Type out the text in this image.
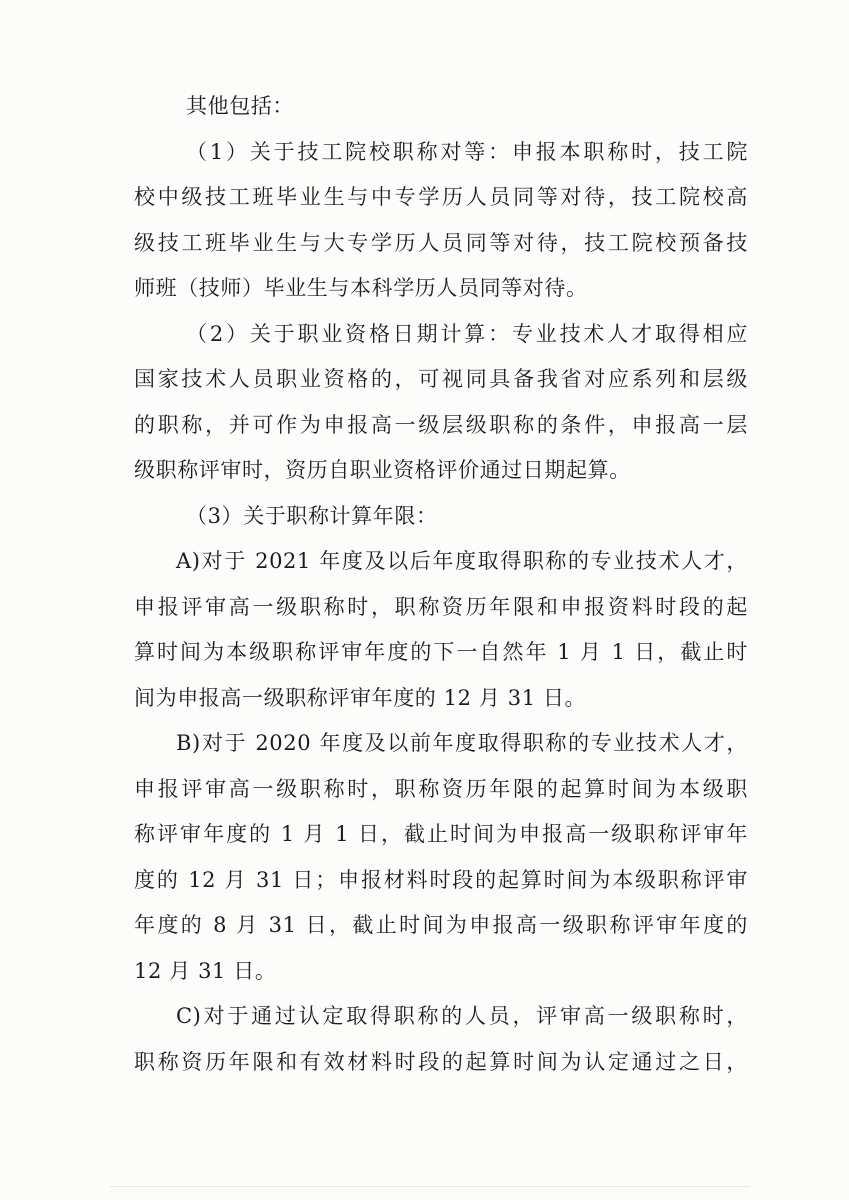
其他包括：
（1）关于技工院校职称对等：申报本职称时，技工院
校中级技工班毕业生与中专学历人员同等对待，技工院校高
级技工班毕业生与大专学历人员同等对待，技工院校预备技
师班（技师）毕业生与本科学历人员同等对待。
（2）关于职业资格日期计算：专业技术人才取得相应
国家技术人员职业资格的，可视同具备我省对应系列和层级
的职称，并可作为申报高一级层级职称的条件，申报高一层
级职称评审时，资历自职业资格评价通过日期起算。
（3）关于职称计算年限：
A)对于 2021 年度及以后年度取得职称的专业技术人才，
申报评审高一级职称时，职称资历年限和申报资料时段的起
算时间为本级职称评审年度的下一自然年 1 月 1 日，截止时
间为申报高一级职称评审年度的 12 月 31 日。
B)对于 2020 年度及以前年度取得职称的专业技术人才，
申报评审高一级职称时，职称资历年限的起算时间为本级职
称评审年度的 1 月 1 日，截止时间为申报高一级职称评审年
度的 12 月 31 日；申报材料时段的起算时间为本级职称评审
年度的 8 月 31 日，截止时间为申报高一级职称评审年度的
12 月 31 日。
C)对于通过认定取得职称的人员，评审高一级职称时，
职称资历年限和有效材料时段的起算时间为认定通过之日，
